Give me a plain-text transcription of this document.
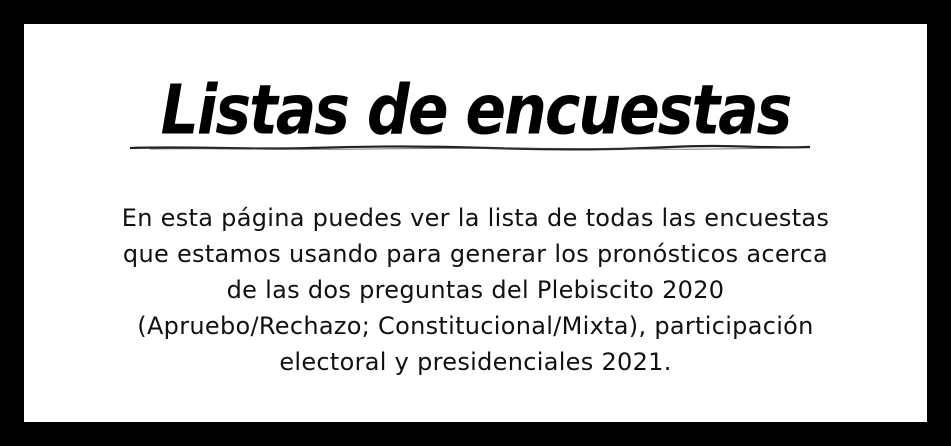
Listas de encuestas

En esta página puedes ver la lista de todas las encuestas que estamos usando para generar los pronósticos acerca de las dos preguntas del Plebiscito 2020 (Apruebo/Rechazo; Constitucional/Mixta), participación electoral y presidenciales 2021.
